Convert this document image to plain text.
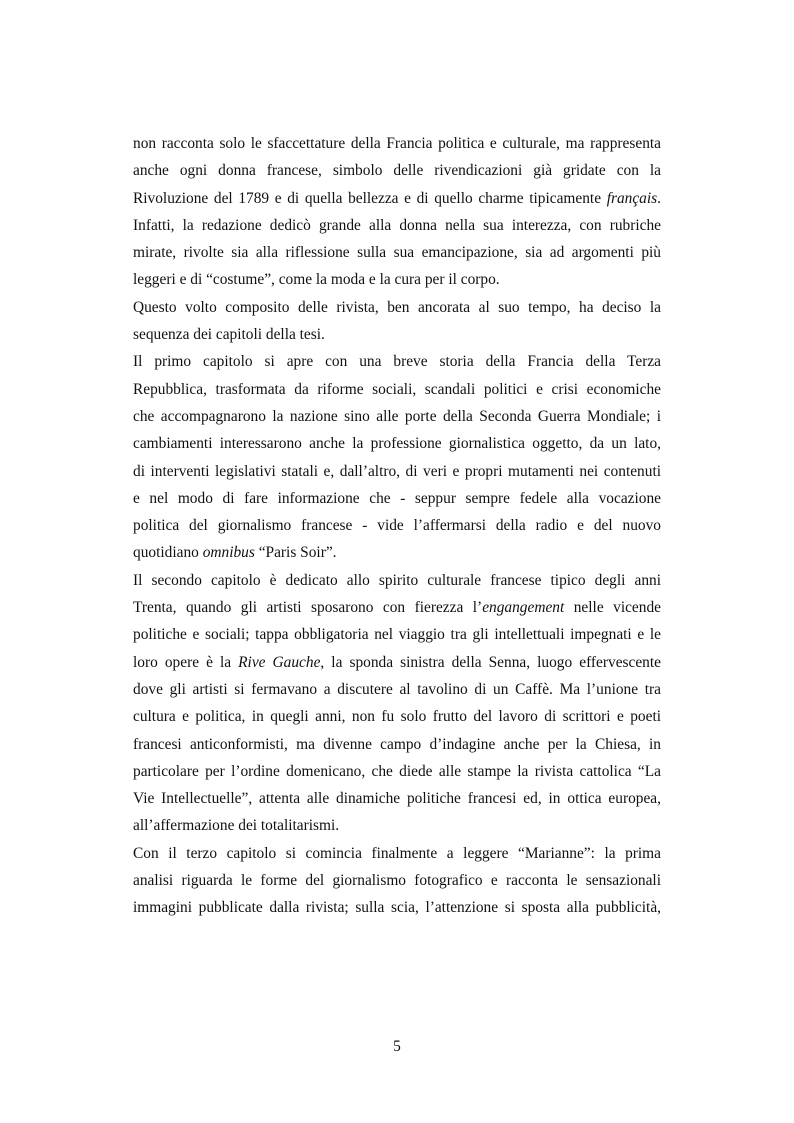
non racconta solo le sfaccettature della Francia politica e culturale, ma rappresenta
anche ogni donna francese, simbolo delle rivendicazioni già gridate con la
Rivoluzione del 1789 e di quella bellezza e di quello charme tipicamente français.
Infatti, la redazione dedicò grande alla donna nella sua interezza, con rubriche
mirate, rivolte sia alla riflessione sulla sua emancipazione, sia ad argomenti più
leggeri e di “costume”, come la moda e la cura per il corpo.
Questo volto composito delle rivista, ben ancorata al suo tempo, ha deciso la
sequenza dei capitoli della tesi.
Il primo capitolo si apre con una breve storia della Francia della Terza
Repubblica, trasformata da riforme sociali, scandali politici e crisi economiche
che accompagnarono la nazione sino alle porte della Seconda Guerra Mondiale; i
cambiamenti interessarono anche la professione giornalistica oggetto, da un lato,
di interventi legislativi statali e, dall’altro, di veri e propri mutamenti nei contenuti
e nel modo di fare informazione che - seppur sempre fedele alla vocazione
politica del giornalismo francese - vide l’affermarsi della radio e del nuovo
quotidiano omnibus “Paris Soir”.
Il secondo capitolo è dedicato allo spirito culturale francese tipico degli anni
Trenta, quando gli artisti sposarono con fierezza l’engangement nelle vicende
politiche e sociali; tappa obbligatoria nel viaggio tra gli intellettuali impegnati e le
loro opere è la Rive Gauche, la sponda sinistra della Senna, luogo effervescente
dove gli artisti si fermavano a discutere al tavolino di un Caffè. Ma l’unione tra
cultura e politica, in quegli anni, non fu solo frutto del lavoro di scrittori e poeti
francesi anticonformisti, ma divenne campo d’indagine anche per la Chiesa, in
particolare per l’ordine domenicano, che diede alle stampe la rivista cattolica “La
Vie Intellectuelle”, attenta alle dinamiche politiche francesi ed, in ottica europea,
all’affermazione dei totalitarismi.
Con il terzo capitolo si comincia finalmente a leggere “Marianne”: la prima
analisi riguarda le forme del giornalismo fotografico e racconta le sensazionali
immagini pubblicate dalla rivista; sulla scia, l’attenzione si sposta alla pubblicità,
5
